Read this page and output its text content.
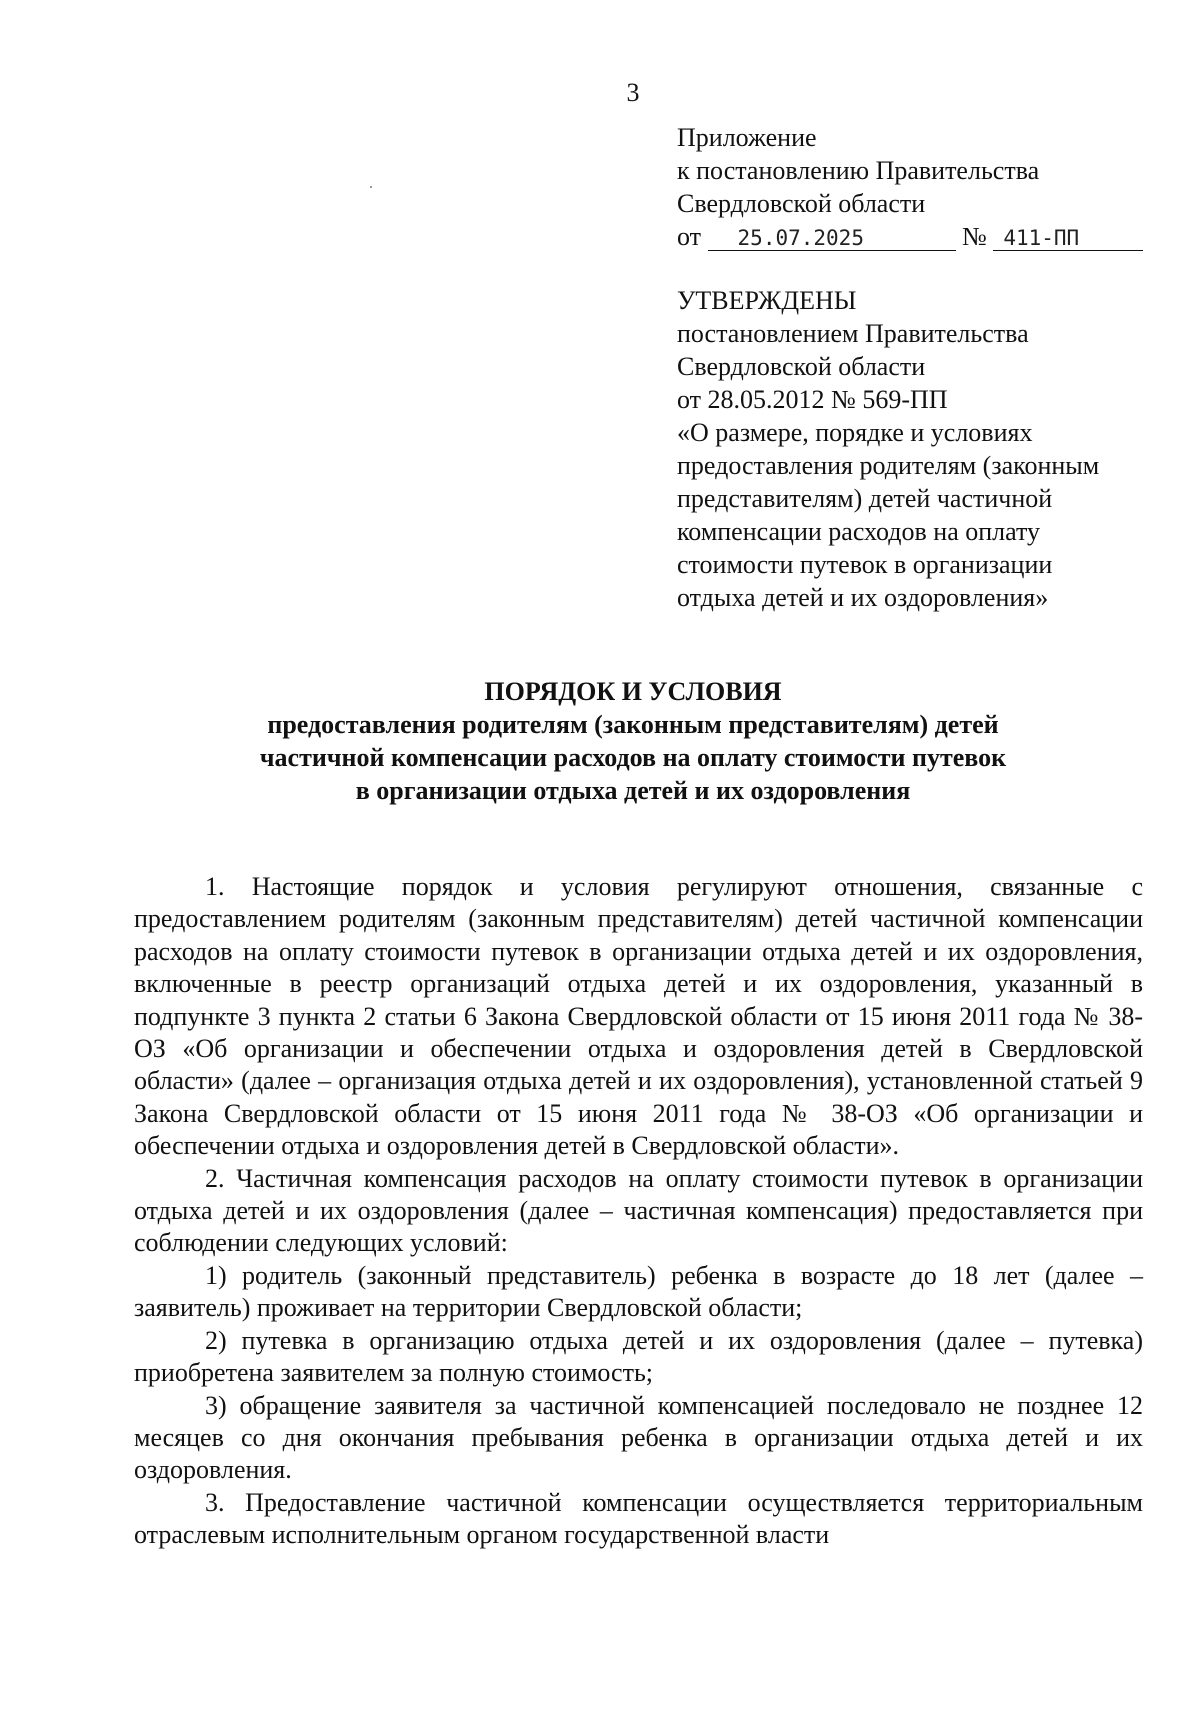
3
Приложение
к постановлению Правительства
Свердловской области
от 25.07.2025	№ 411-ПП
УТВЕРЖДЕНЫ
постановлением Правительства
Свердловской области
от 28.05.2012 № 569-ПП
«О размере, порядке и условиях
предоставления родителям (законным
представителям) детей частичной
компенсации расходов на оплату
стоимости путевок в организации
отдыха детей и их оздоровления»
ПОРЯДОК И УСЛОВИЯ
предоставления родителям (законным представителям) детей
частичной компенсации расходов на оплату стоимости путевок
в организации отдыха детей и их оздоровления

1. Настоящие порядок и условия регулируют отношения, связанные с предоставлением родителям (законным представителям) детей частичной компенсации расходов на оплату стоимости путевок в организации отдыха детей и их оздоровления, включенные в реестр организаций отдыха детей и их оздоровления, указанный в подпункте 3 пункта 2 статьи 6 Закона Свердловской области от 15 июня 2011 года № 38-ОЗ «Об организации и обеспечении отдыха и оздоровления детей в Свердловской области» (далее – организация отдыха детей и их оздоровления), установленной статьей 9 Закона Свердловской области от 15 июня 2011 года № 38-ОЗ «Об организации и обеспечении отдыха и оздоровления детей в Свердловской области».

2. Частичная компенсация расходов на оплату стоимости путевок в организации отдыха детей и их оздоровления (далее – частичная компенсация) предоставляется при соблюдении следующих условий:

1) родитель (законный представитель) ребенка в возрасте до 18 лет (далее – заявитель) проживает на территории Свердловской области;

2) путевка в организацию отдыха детей и их оздоровления (далее – путевка) приобретена заявителем за полную стоимость;

3) обращение заявителя за частичной компенсацией последовало не позднее 12 месяцев со дня окончания пребывания ребенка в организации отдыха детей и их оздоровления.

3. Предоставление частичной компенсации осуществляется территориальным отраслевым исполнительным органом государственной власти
